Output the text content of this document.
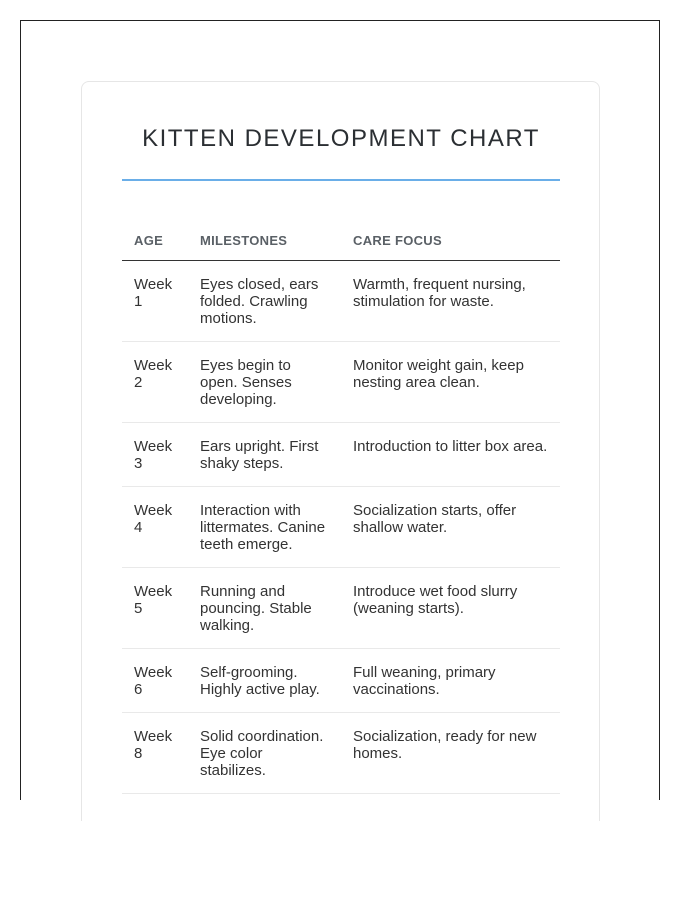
KITTEN DEVELOPMENT CHART
AGE	MILESTONES	CARE FOCUS
Week 1	Eyes closed, ears folded. Crawling motions.	Warmth, frequent nursing, stimulation for waste.
Week 2	Eyes begin to open. Senses developing.	Monitor weight gain, keep nesting area clean.
Week 3	Ears upright. First shaky steps.	Introduction to litter box area.
Week 4	Interaction with littermates. Canine teeth emerge.	Socialization starts, offer shallow water.
Week 5	Running and pouncing. Stable walking.	Introduce wet food slurry (weaning starts).
Week 6	Self-grooming. Highly active play.	Full weaning, primary vaccinations.
Week 8	Solid coordination. Eye color stabilizes.	Socialization, ready for new homes.
